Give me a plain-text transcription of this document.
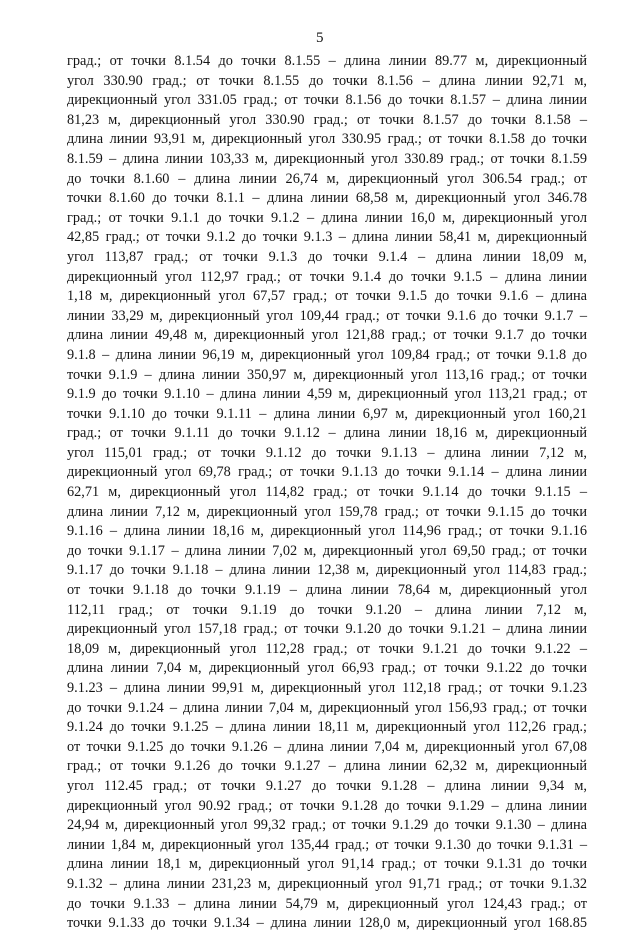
5
град.; от точки 8.1.54 до точки 8.1.55 – длина линии 89.77 м, дирекционный
угол 330.90 град.; от точки 8.1.55 до точки 8.1.56 – длина линии 92,71 м,
дирекционный угол 331.05 град.; от точки 8.1.56 до точки 8.1.57 – длина линии
81,23 м, дирекционный угол 330.90 град.; от точки 8.1.57 до точки 8.1.58 –
длина линии 93,91 м, дирекционный угол 330.95 град.; от точки 8.1.58 до точки
8.1.59 – длина линии 103,33 м, дирекционный угол 330.89 град.; от точки 8.1.59
до точки 8.1.60 – длина линии 26,74 м, дирекционный угол 306.54 град.; от
точки 8.1.60 до точки 8.1.1 – длина линии 68,58 м, дирекционный угол 346.78
град.; от точки 9.1.1 до точки 9.1.2 – длина линии 16,0 м, дирекционный угол
42,85 град.; от точки 9.1.2 до точки 9.1.3 – длина линии 58,41 м, дирекционный
угол 113,87 град.; от точки 9.1.3 до точки 9.1.4 – длина линии 18,09 м,
дирекционный угол 112,97 град.; от точки 9.1.4 до точки 9.1.5 – длина линии
1,18 м, дирекционный угол 67,57 град.; от точки 9.1.5 до точки 9.1.6 – длина
линии 33,29 м, дирекционный угол 109,44 град.; от точки 9.1.6 до точки 9.1.7 –
длина линии 49,48 м, дирекционный угол 121,88 град.; от точки 9.1.7 до точки
9.1.8 – длина линии 96,19 м, дирекционный угол 109,84 град.; от точки 9.1.8 до
точки 9.1.9 – длина линии 350,97 м, дирекционный угол 113,16 град.; от точки
9.1.9 до точки 9.1.10 – длина линии 4,59 м, дирекционный угол 113,21 град.; от
точки 9.1.10 до точки 9.1.11 – длина линии 6,97 м, дирекционный угол 160,21
град.; от точки 9.1.11 до точки 9.1.12 – длина линии 18,16 м, дирекционный
угол 115,01 град.; от точки 9.1.12 до точки 9.1.13 – длина линии 7,12 м,
дирекционный угол 69,78 град.; от точки 9.1.13 до точки 9.1.14 – длина линии
62,71 м, дирекционный угол 114,82 град.; от точки 9.1.14 до точки 9.1.15 –
длина линии 7,12 м, дирекционный угол 159,78 град.; от точки 9.1.15 до точки
9.1.16 – длина линии 18,16 м, дирекционный угол 114,96 град.; от точки 9.1.16
до точки 9.1.17 – длина линии 7,02 м, дирекционный угол 69,50 град.; от точки
9.1.17 до точки 9.1.18 – длина линии 12,38 м, дирекционный угол 114,83 град.;
от точки 9.1.18 до точки 9.1.19 – длина линии 78,64 м, дирекционный угол
112,11 град.; от точки 9.1.19 до точки 9.1.20 – длина линии 7,12 м,
дирекционный угол 157,18 град.; от точки 9.1.20 до точки 9.1.21 – длина линии
18,09 м, дирекционный угол 112,28 град.; от точки 9.1.21 до точки 9.1.22 –
длина линии 7,04 м, дирекционный угол 66,93 град.; от точки 9.1.22 до точки
9.1.23 – длина линии 99,91 м, дирекционный угол 112,18 град.; от точки 9.1.23
до точки 9.1.24 – длина линии 7,04 м, дирекционный угол 156,93 град.; от точки
9.1.24 до точки 9.1.25 – длина линии 18,11 м, дирекционный угол 112,26 град.;
от точки 9.1.25 до точки 9.1.26 – длина линии 7,04 м, дирекционный угол 67,08
град.; от точки 9.1.26 до точки 9.1.27 – длина линии 62,32 м, дирекционный
угол 112.45 град.; от точки 9.1.27 до точки 9.1.28 – длина линии 9,34 м,
дирекционный угол 90.92 град.; от точки 9.1.28 до точки 9.1.29 – длина линии
24,94 м, дирекционный угол 99,32 град.; от точки 9.1.29 до точки 9.1.30 – длина
линии 1,84 м, дирекционный угол 135,44 град.; от точки 9.1.30 до точки 9.1.31 –
длина линии 18,1 м, дирекционный угол 91,14 град.; от точки 9.1.31 до точки
9.1.32 – длина линии 231,23 м, дирекционный угол 91,71 град.; от точки 9.1.32
до точки 9.1.33 – длина линии 54,79 м, дирекционный угол 124,43 град.; от
точки 9.1.33 до точки 9.1.34 – длина линии 128,0 м, дирекционный угол 168.85
